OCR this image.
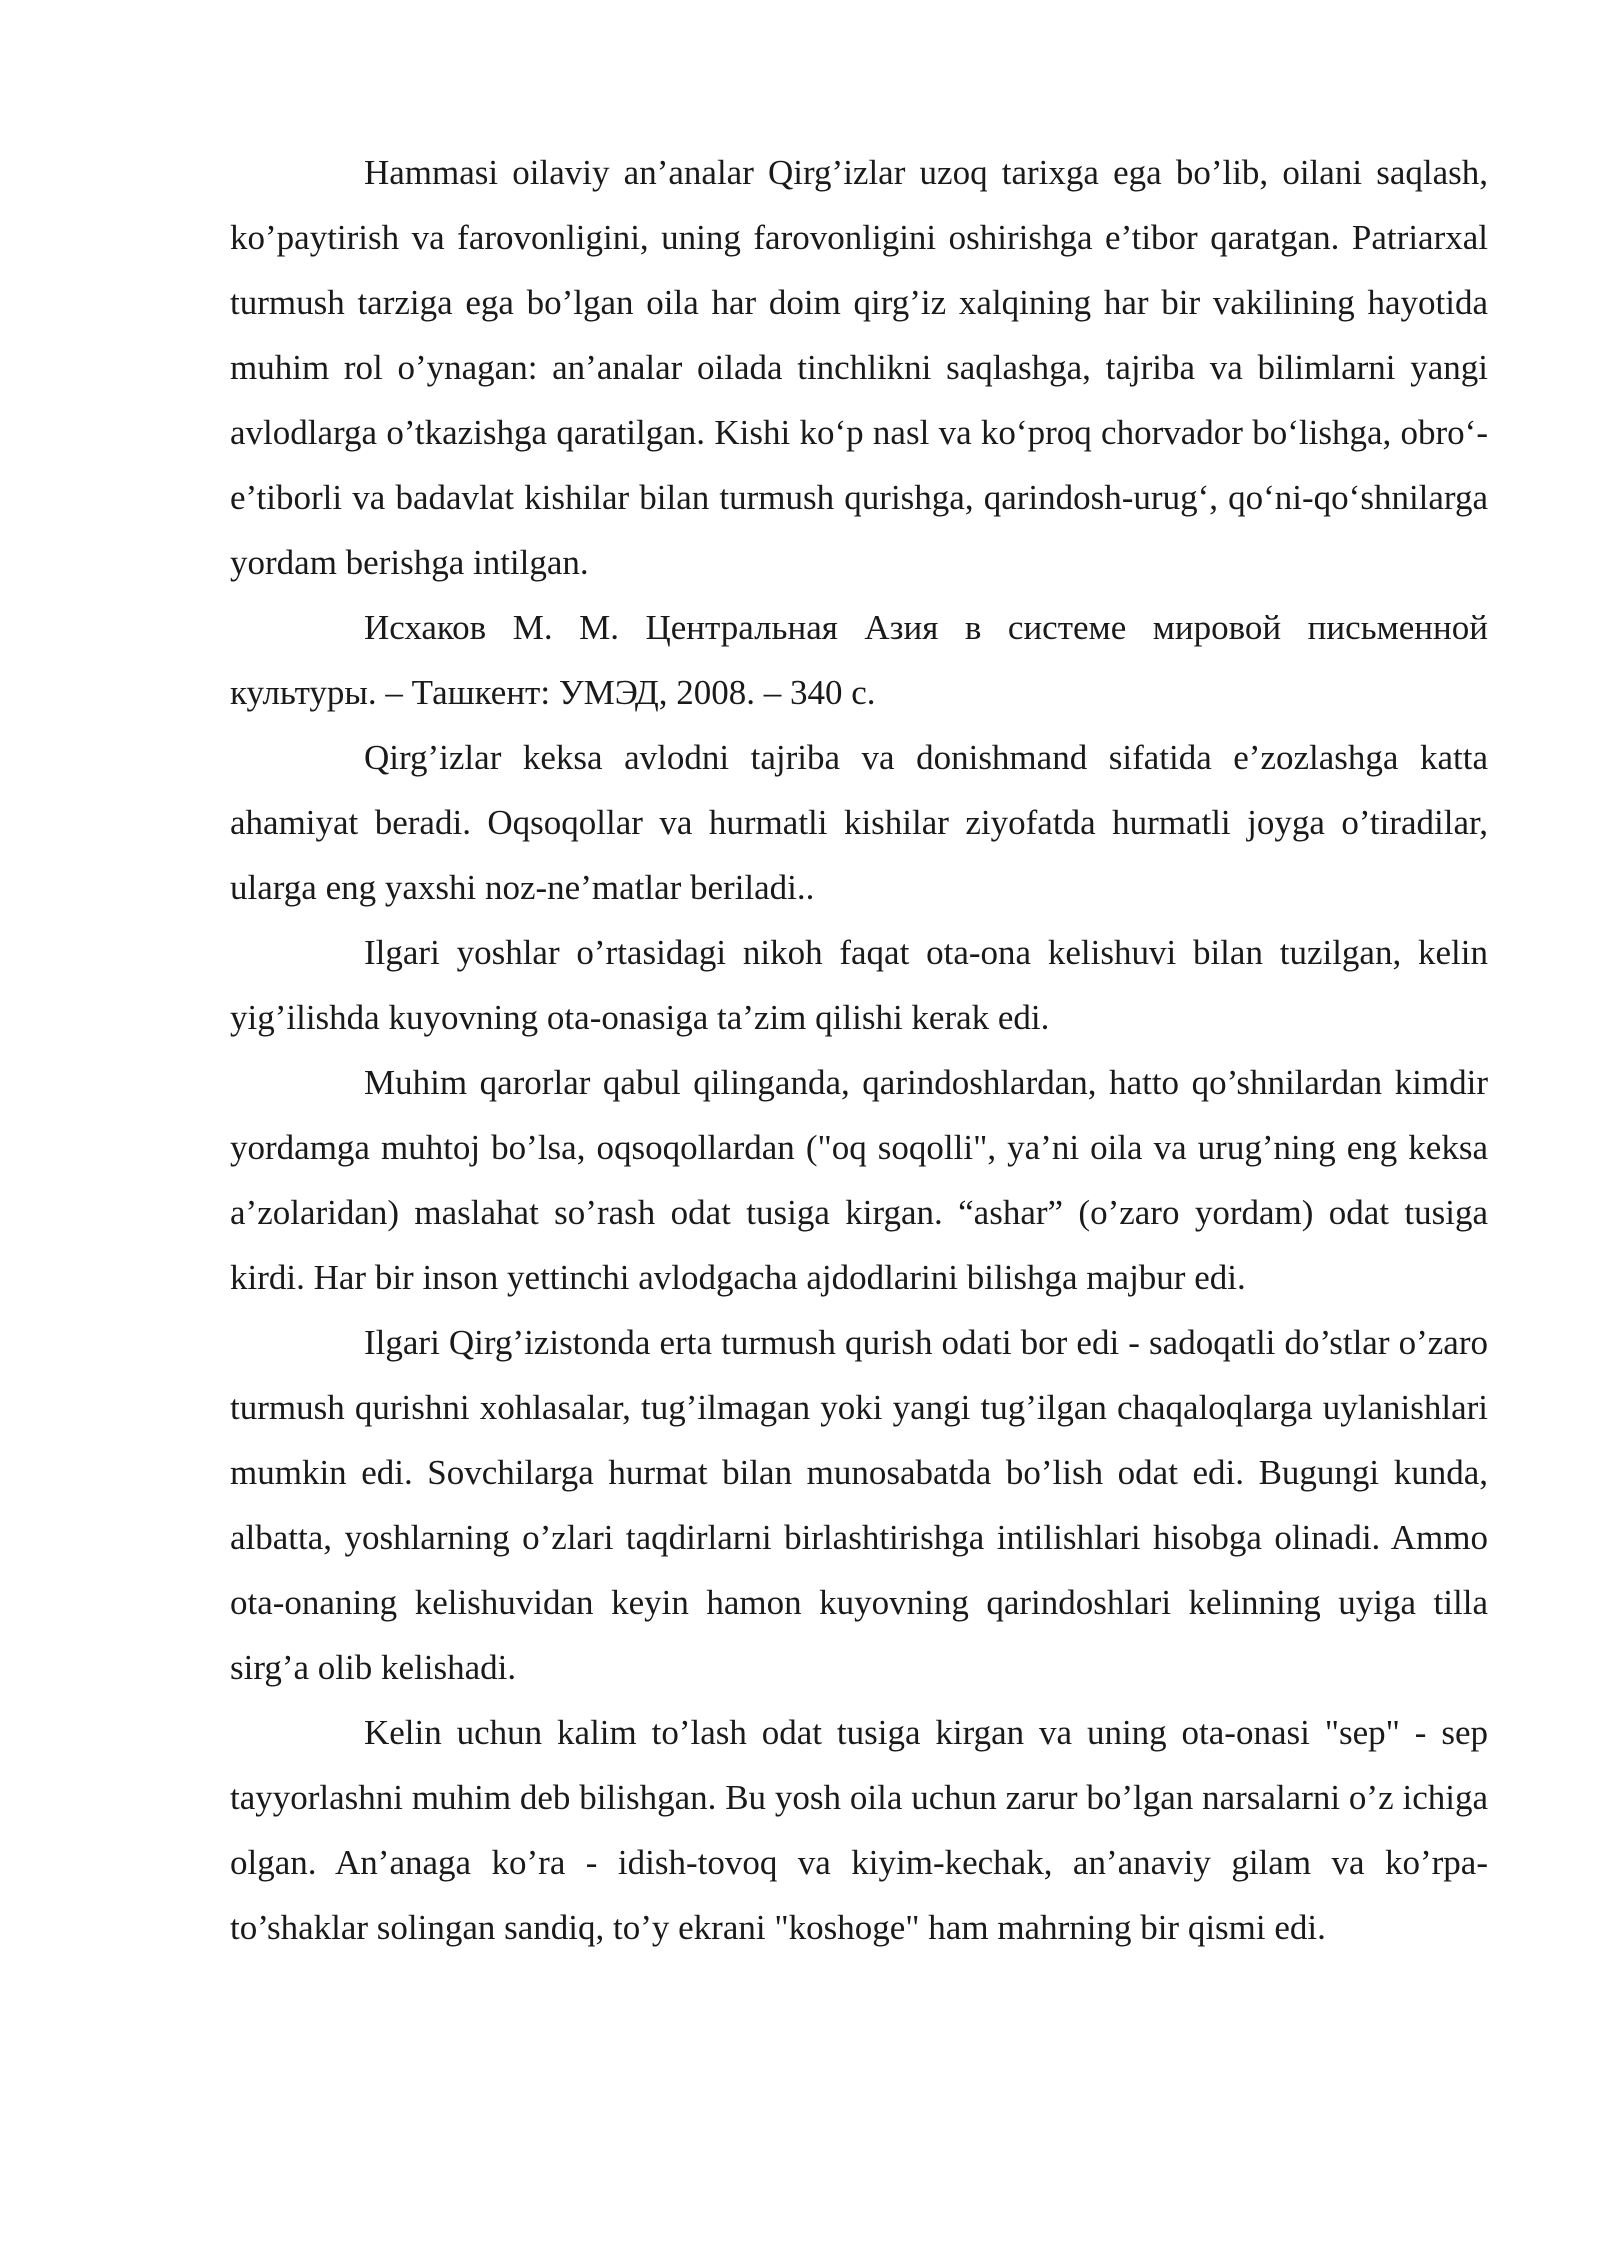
Hammasi oilaviy an’analar Qirg’izlar uzoq tarixga ega bo’lib, oilani saqlash, ko’paytirish va farovonligini, uning farovonligini oshirishga e’tibor qaratgan. Patriarxal turmush tarziga ega bo’lgan oila har doim qirg’iz xalqining har bir vakilining hayotida muhim rol o’ynagan: an’analar oilada tinchlikni saqlashga, tajriba va bilimlarni yangi avlodlarga o’tkazishga qaratilgan. Kishi ko‘p nasl va ko‘proq chorvador bo‘lishga, obro‘-e’tiborli va badavlat kishilar bilan turmush qurishga, qarindosh-urug‘, qo‘ni-qo‘shnilarga yordam berishga intilgan.

Исхаков М. М. Центральная Азия в системе мировой письменной культуры. – Ташкент: УМЭД, 2008. – 340 с.

Qirg’izlar keksa avlodni tajriba va donishmand sifatida e’zozlashga katta ahamiyat beradi. Oqsoqollar va hurmatli kishilar ziyofatda hurmatli joyga o’tiradilar, ularga eng yaxshi noz-ne’matlar beriladi..

Ilgari yoshlar o’rtasidagi nikoh faqat ota-ona kelishuvi bilan tuzilgan, kelin yig’ilishda kuyovning ota-onasiga ta’zim qilishi kerak edi.

Muhim qarorlar qabul qilinganda, qarindoshlardan, hatto qo’shnilardan kimdir yordamga muhtoj bo’lsa, oqsoqollardan ("oq soqolli", ya’ni oila va urug’ning eng keksa a’zolaridan) maslahat so’rash odat tusiga kirgan. “ashar” (o’zaro yordam) odat tusiga kirdi. Har bir inson yettinchi avlodgacha ajdodlarini bilishga majbur edi.

Ilgari Qirg’izistonda erta turmush qurish odati bor edi - sadoqatli do’stlar o’zaro turmush qurishni xohlasalar, tug’ilmagan yoki yangi tug’ilgan chaqaloqlarga uylanishlari mumkin edi. Sovchilarga hurmat bilan munosabatda bo’lish odat edi. Bugungi kunda, albatta, yoshlarning o’zlari taqdirlarni birlashtirishga intilishlari hisobga olinadi. Ammo ota-onaning kelishuvidan keyin hamon kuyovning qarindoshlari kelinning uyiga tilla sirg’a olib kelishadi.

Kelin uchun kalim to’lash odat tusiga kirgan va uning ota-onasi "sep" - sep tayyorlashni muhim deb bilishgan. Bu yosh oila uchun zarur bo’lgan narsalarni o’z ichiga olgan. An’anaga ko’ra - idish-tovoq va kiyim-kechak, an’anaviy gilam va ko’rpa-to’shaklar solingan sandiq, to’y ekrani "koshoge" ham mahrning bir qismi edi.
